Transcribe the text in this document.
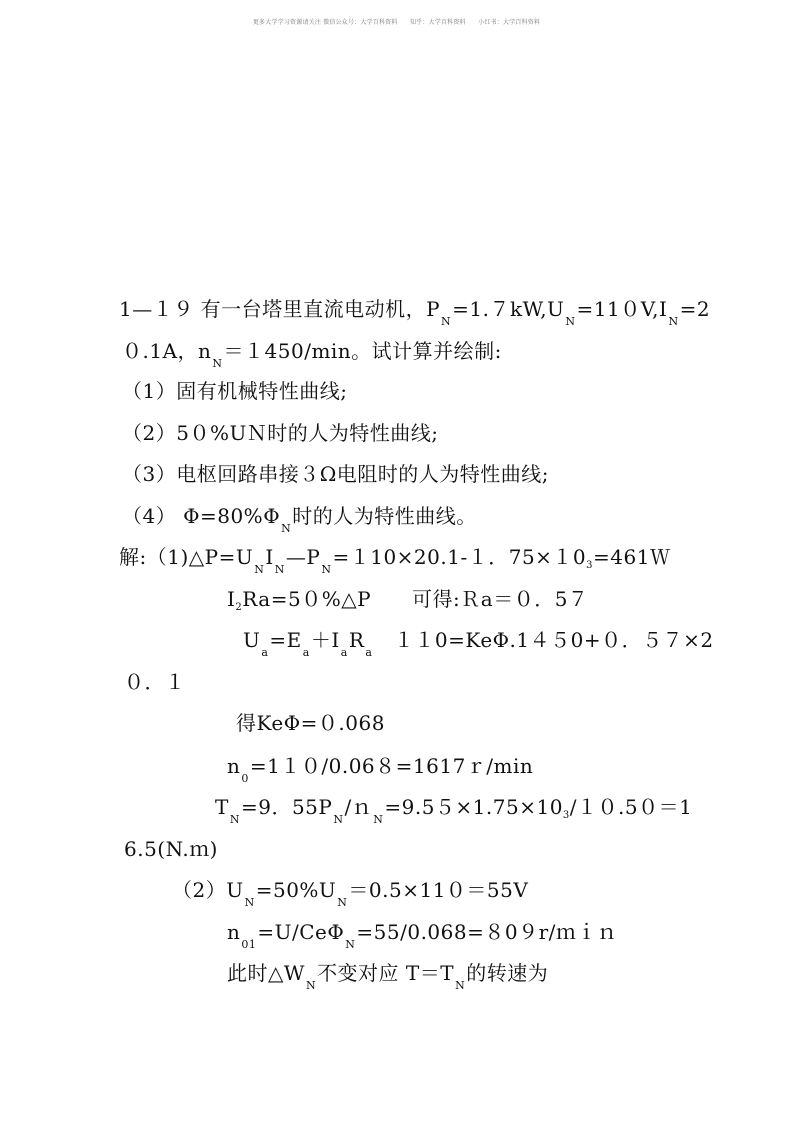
更多大学学习资源请关注 微信公众号：大学百科资料　　知乎：大学百科资料　　小红书：大学百科资料
1—１９ 有一台塔里直流电动机，$P_N=1.7kW,U_N=110V,I_N=2$
０.1A，$n_N=1450/\min$。试计算并绘制:
（1）固有机械特性曲线;
（2）5０%UＮ时的人为特性曲线;
（3）电枢回路串接３Ω电阻时的人为特性曲线;
（4） $\Phi=80\%\Phi_N$时的人为特性曲线。
解$:(1)\triangle P=U_NI_N—P_N=110\times 20.1-1$．$75\times 10_3=461W$
$I_2Ra=50\%\triangle P$　　可得:Ｒa＝０．5７
$U_a=E_a+I_aR_a$　１１0=KeΦ.1４５0+０．５７×2
０．１
得KeΦ=０.068
$n_0=110/0.068=1617r/\min$
$T_N=9$．$55P_N/n_N=9.55\times 1.75\times 10_3/10.50=1$
6.5(N.ｍ)
$(2)U_N=50\%U_N=0.5\times 110=55V$
$n_{01}=U/Ce\Phi_N=55/0.068=809r$/ｍｉｎ
此时$\triangle W_N$不变对应 $T=T_N$的转速为
